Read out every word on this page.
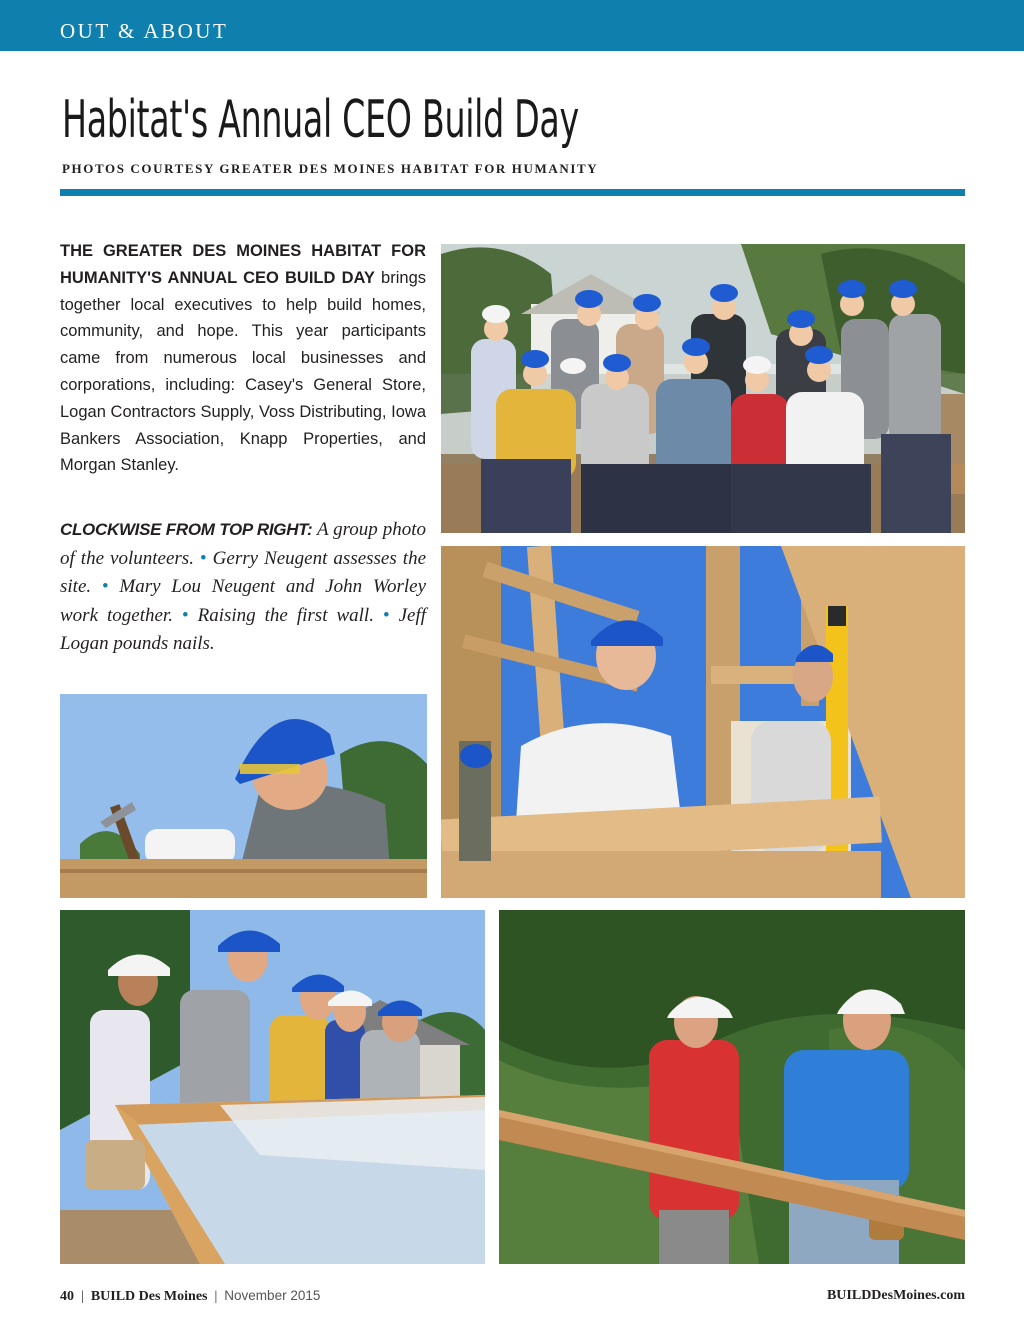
OUT & ABOUT
Habitat's Annual CEO Build Day
PHOTOS COURTESY GREATER DES MOINES HABITAT FOR HUMANITY

THE GREATER DES MOINES HABITAT FOR HUMANITY'S ANNUAL CEO BUILD DAY brings together local executives to help build homes, community, and hope. This year participants came from numerous local businesses and corporations, including: Casey's General Store, Logan Contractors Supply, Voss Distributing, Iowa Bankers Association, Knapp Properties, and Morgan Stanley.

CLOCKWISE FROM TOP RIGHT: A group photo of the volunteers. • Gerry Neugent assesses the site. • Mary Lou Neugent and John Worley work together. • Raising the first wall. • Jeff Logan pounds nails.

40 | BUILD Des Moines | November 2015	BUILDDesMoines.com
